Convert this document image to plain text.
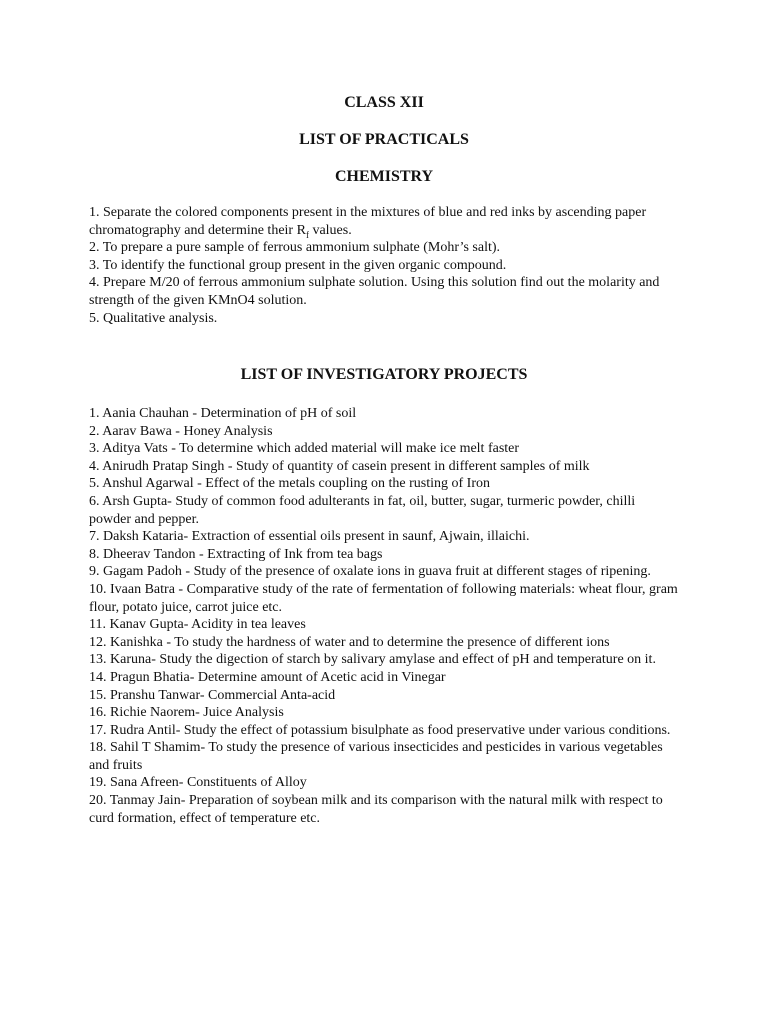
CLASS XII
LIST OF PRACTICALS
CHEMISTRY
1. Separate the colored components present in the mixtures of blue and red inks by ascending paper chromatography and determine their $R_f$ values.
2. To prepare a pure sample of ferrous ammonium sulphate (Mohr’s salt).
3. To identify the functional group present in the given organic compound.
4. Prepare M/20 of ferrous ammonium sulphate solution. Using this solution find out the molarity and strength of the given KMnO4 solution.
5. Qualitative analysis.
LIST OF INVESTIGATORY PROJECTS
1. Aania Chauhan - Determination of pH of soil
2. Aarav Bawa - Honey Analysis
3. Aditya Vats - To determine which added material will make ice melt faster
4. Anirudh Pratap Singh - Study of quantity of casein present in different samples of milk
5. Anshul Agarwal - Effect of the metals coupling on the rusting of Iron
6. Arsh Gupta- Study of common food adulterants in fat, oil, butter, sugar, turmeric powder, chilli powder and pepper.
7. Daksh Kataria- Extraction of essential oils present in saunf, Ajwain, illaichi.
8. Dheerav Tandon - Extracting of Ink from tea bags
9. Gagam Padoh - Study of the presence of oxalate ions in guava fruit at different stages of ripening.
10. Ivaan Batra - Comparative study of the rate of fermentation of following materials: wheat flour, gram flour, potato juice, carrot juice etc.
11. Kanav Gupta- Acidity in tea leaves
12. Kanishka - To study the hardness of water and to determine the presence of different ions
13. Karuna- Study the digection of starch by salivary amylase and effect of pH and temperature on it.
14. Pragun Bhatia- Determine amount of Acetic acid in Vinegar
15. Pranshu Tanwar- Commercial Anta-acid
16. Richie Naorem- Juice Analysis
17. Rudra Antil- Study the effect of potassium bisulphate as food preservative under various conditions.
18. Sahil T Shamim- To study the presence of various insecticides and pesticides in various vegetables and fruits
19. Sana Afreen- Constituents of Alloy
20. Tanmay Jain- Preparation of soybean milk and its comparison with the natural milk with respect to curd formation, effect of temperature etc.
